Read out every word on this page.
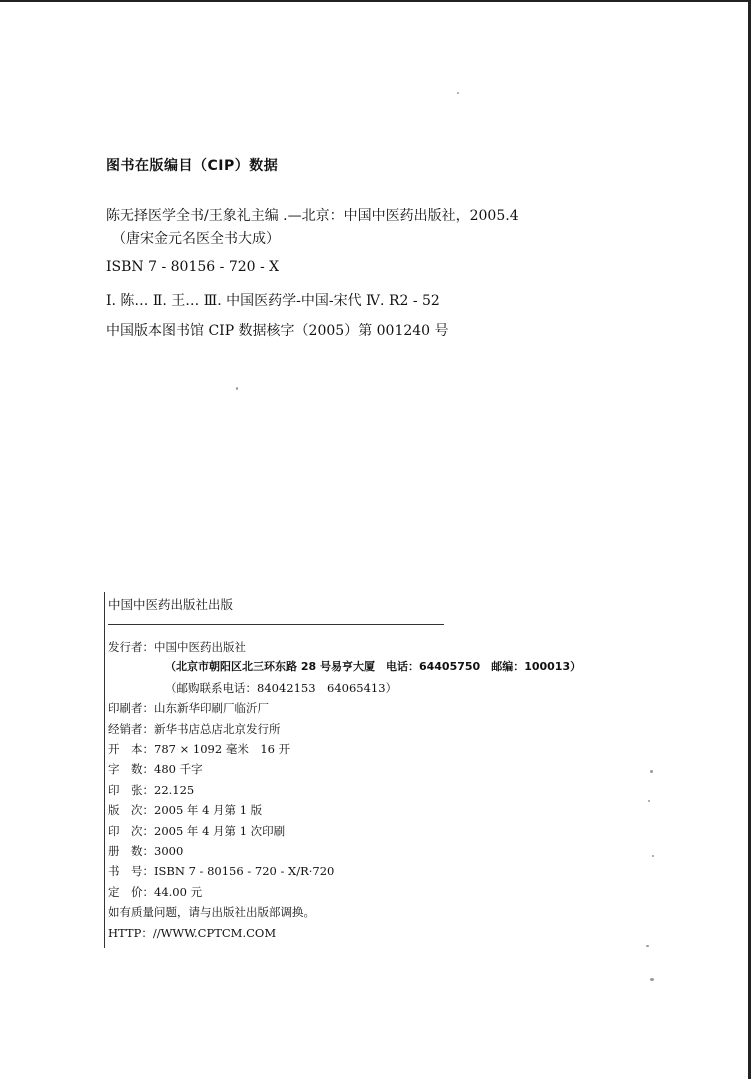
图书在版编目（CIP）数据
陈无择医学全书/王象礼主编 .—北京：中国中医药出版社，2005.4
（唐宋金元名医全书大成）
ISBN 7 - 80156 - 720 - X
Ⅰ. 陈… Ⅱ. 王… Ⅲ. 中国医药学-中国-宋代 Ⅳ. R2 - 52
中国版本图书馆 CIP 数据核字（2005）第 001240 号
中国中医药出版社出版
发行者：中国中医药出版社
（北京市朝阳区北三环东路 28 号易亨大厦　电话：64405750　邮编：100013）
（邮购联系电话：84042153　64065413）
印刷者：山东新华印刷厂临沂厂
经销者：新华书店总店北京发行所
开　本：787 × 1092 毫米　16 开
字　数：480 千字
印　张：22.125
版　次：2005 年 4 月第 1 版
印　次：2005 年 4 月第 1 次印刷
册　数：3000
书　号：ISBN 7 - 80156 - 720 - X/R·720
定　价：44.00 元
如有质量问题，请与出版社出版部调换。
HTTP：//WWW.CPTCM.COM
